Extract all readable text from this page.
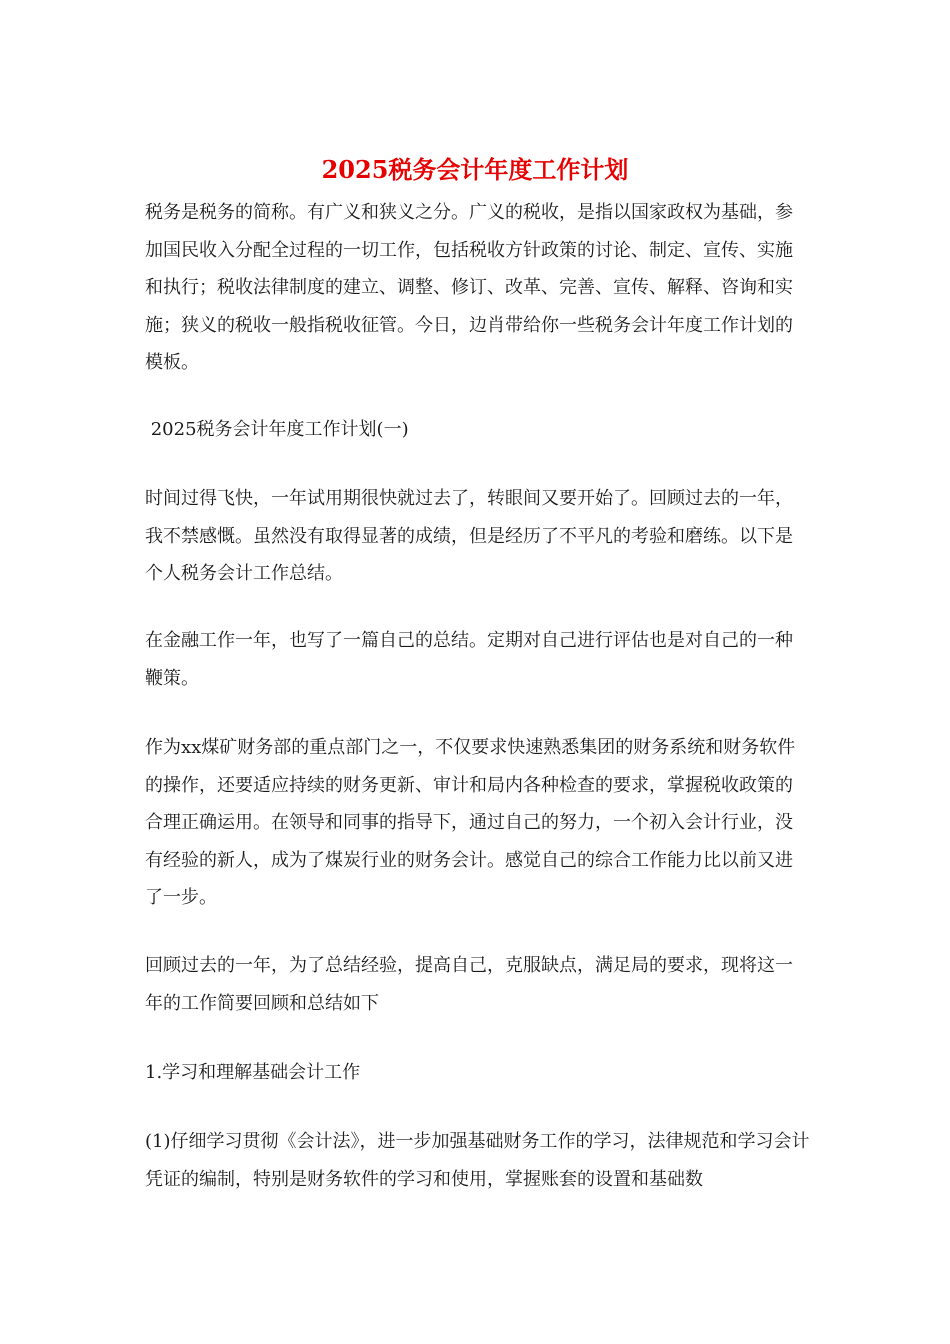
2025税务会计年度工作计划

税务是税务的简称。有广义和狭义之分。广义的税收，是指以国家政权为基础，参加国民收入分配全过程的一切工作，包括税收方针政策的讨论、制定、宣传、实施和执行；税收法律制度的建立、调整、修订、改革、完善、宣传、解释、咨询和实施；狭义的税收一般指税收征管。今日，边肖带给你一些税务会计年度工作计划的模板。

2025税务会计年度工作计划(一)

时间过得飞快，一年试用期很快就过去了，转眼间又要开始了。回顾过去的一年，我不禁感慨。虽然没有取得显著的成绩，但是经历了不平凡的考验和磨练。以下是个人税务会计工作总结。

在金融工作一年，也写了一篇自己的总结。定期对自己进行评估也是对自己的一种鞭策。

作为xx煤矿财务部的重点部门之一，不仅要求快速熟悉集团的财务系统和财务软件的操作，还要适应持续的财务更新、审计和局内各种检查的要求，掌握税收政策的合理正确运用。在领导和同事的指导下，通过自己的努力，一个初入会计行业，没有经验的新人，成为了煤炭行业的财务会计。感觉自己的综合工作能力比以前又进了一步。

回顾过去的一年，为了总结经验，提高自己，克服缺点，满足局的要求，现将这一年的工作简要回顾和总结如下

1.学习和理解基础会计工作

(1)仔细学习贯彻《会计法》，进一步加强基础财务工作的学习，法律规范和学习会计凭证的编制，特别是财务软件的学习和使用，掌握账套的设置和基础数
